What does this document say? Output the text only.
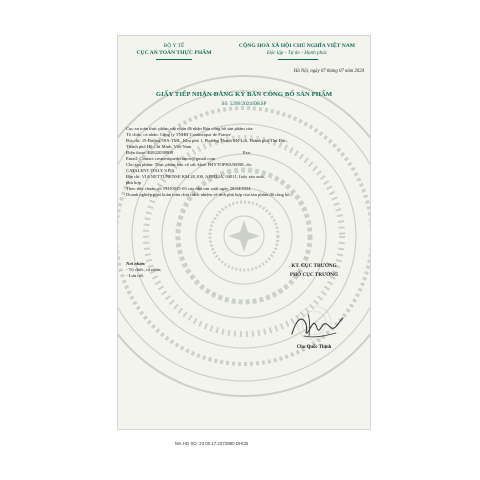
BỘ Y TẾ
CỤC AN TOÀN THỰC PHẨM
CỘNG HOÀ XÃ HỘI CHỦ NGHĨA VIỆT NAM
Độc lập - Tự do - Hạnh phúc
Hà Nội, ngày 07 tháng 07 năm 2024
GIẤY TIẾP NHẬN ĐĂNG KÝ BẢN CÔNG BỐ SẢN PHẨM
Số: 5298/2024/ĐKSP

Cục an toàn thực phẩm xác nhận đã nhận Bản công bố sản phẩm của:

Tổ chức, cá nhân: Công ty TNHH Cosmetique de France

Địa chỉ: 19 Đường 59A-TML, Khu phố 1, Phường Thạnh Mỹ Lợi, Thành phố Thủ Đức,

Thành phố Hồ Chí Minh, Việt Nam

Điện thoại: 02822030808	Fax:

Email: Contact.cosmetiquedefrance@gmail.com

Cho sản phẩm: Thực phẩm bảo vệ sức khỏe PHYTOPHANERE, do:

CATALENT ITALY S.P.A

Địa chỉ: VIA NETTUNENSE KM 20,100, APRILIA, 04011, Italy sản xuất,

phù hợp

Theo tiêu chuẩn số: PH10035-03 của nhà sản xuất ngày 29/04/2024

Doanh nghiệp phải hoàn toàn chịu trách nhiệm về tính phù hợp của sản phẩm đã công bố./.

Nơi nhận:
- Tổ chức, cá nhân;
- Lưu trữ.
KT. CỤC TRƯỞNG
PHÓ CỤC TRƯỞNG
Chu Quốc Thịnh
MA HO SO: 23.00.17.2372880.DHCB
